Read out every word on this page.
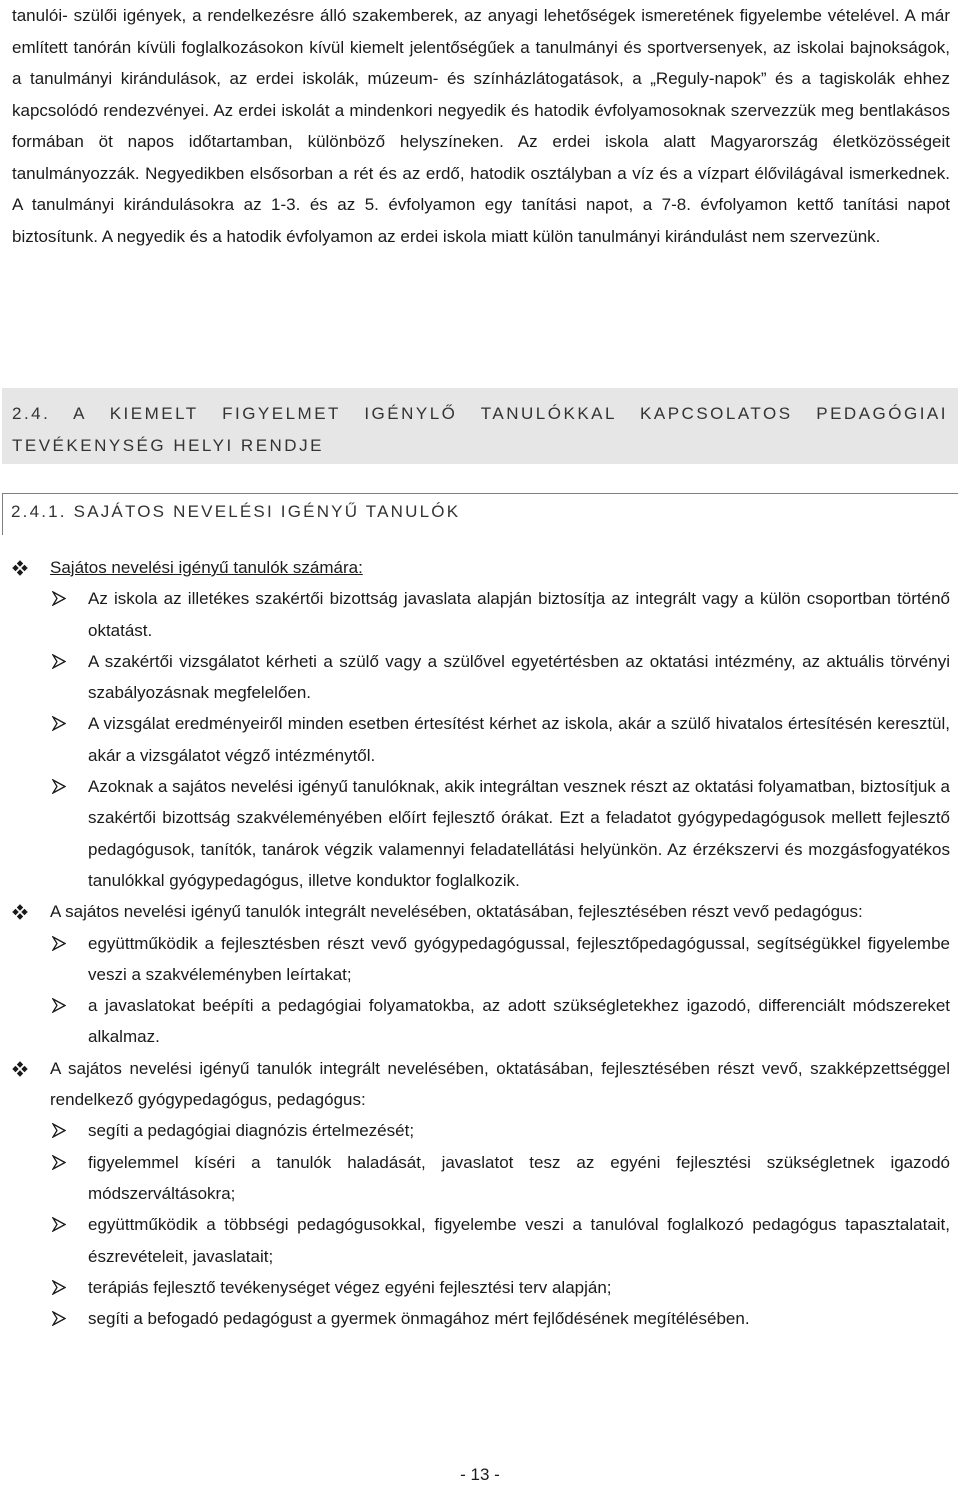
tanulói- szülői igények, a rendelkezésre álló szakemberek, az anyagi lehetőségek ismeretének figyelembe vételével. A már említett tanórán kívüli foglalkozásokon kívül kiemelt jelentőségűek a tanulmányi és sportversenyek, az iskolai bajnokságok, a tanulmányi kirándulások, az erdei iskolák, múzeum- és színházlátogatások, a „Reguly-napok” és a tagiskolák ehhez kapcsolódó rendezvényei. Az erdei iskolát a mindenkori negyedik és hatodik évfolyamosoknak szervezzük meg bentlakásos formában öt napos időtartamban, különböző helyszíneken. Az erdei iskola alatt Magyarország életközösségeit tanulmányozzák. Negyedikben elsősorban a rét és az erdő, hatodik osztályban a víz és a vízpart élővilágával ismerkednek. A tanulmányi kirándulásokra az 1-3. és az 5. évfolyamon egy tanítási napot, a 7-8. évfolyamon kettő tanítási napot biztosítunk. A negyedik és a hatodik évfolyamon az erdei iskola miatt külön tanulmányi kirándulást nem szervezünk.

2.4. A KIEMELT FIGYELMET IGÉNYLŐ TANULÓKKAL KAPCSOLATOS PEDAGÓGIAI TEVÉKENYSÉG HELYI RENDJE
2.4.1. SAJÁTOS NEVELÉSI IGÉNYŰ TANULÓK
Sajátos nevelési igényű tanulók számára:
Az iskola az illetékes szakértői bizottság javaslata alapján biztosítja az integrált vagy a külön csoportban történő oktatást.
A szakértői vizsgálatot kérheti a szülő vagy a szülővel egyetértésben az oktatási intézmény, az aktuális törvényi szabályozásnak megfelelően.
A vizsgálat eredményeiről minden esetben értesítést kérhet az iskola, akár a szülő hivatalos értesítésén keresztül, akár a vizsgálatot végző intézménytől.
Azoknak a sajátos nevelési igényű tanulóknak, akik integráltan vesznek részt az oktatási folyamatban, biztosítjuk a szakértői bizottság szakvéleményében előírt fejlesztő órákat. Ezt a feladatot gyógypedagógusok mellett fejlesztő pedagógusok, tanítók, tanárok végzik valamennyi feladatellátási helyünkön. Az érzékszervi és mozgásfogyatékos tanulókkal gyógypedagógus, illetve konduktor foglalkozik.
A sajátos nevelési igényű tanulók integrált nevelésében, oktatásában, fejlesztésében részt vevő pedagógus:
együttműködik a fejlesztésben részt vevő gyógypedagógussal, fejlesztőpedagógussal, segítségükkel figyelembe veszi a szakvéleményben leírtakat;
a javaslatokat beépíti a pedagógiai folyamatokba, az adott szükségletekhez igazodó, differenciált módszereket alkalmaz.
A sajátos nevelési igényű tanulók integrált nevelésében, oktatásában, fejlesztésében részt vevő, szakképzettséggel rendelkező gyógypedagógus, pedagógus:
segíti a pedagógiai diagnózis értelmezését;
figyelemmel kíséri a tanulók haladását, javaslatot tesz az egyéni fejlesztési szükségletnek igazodó módszerváltásokra;
együttműködik a többségi pedagógusokkal, figyelembe veszi a tanulóval foglalkozó pedagógus tapasztalatait, észrevételeit, javaslatait;
terápiás fejlesztő tevékenységet végez egyéni fejlesztési terv alapján;
segíti a befogadó pedagógust a gyermek önmagához mért fejlődésének megítélésében.
- 13 -
